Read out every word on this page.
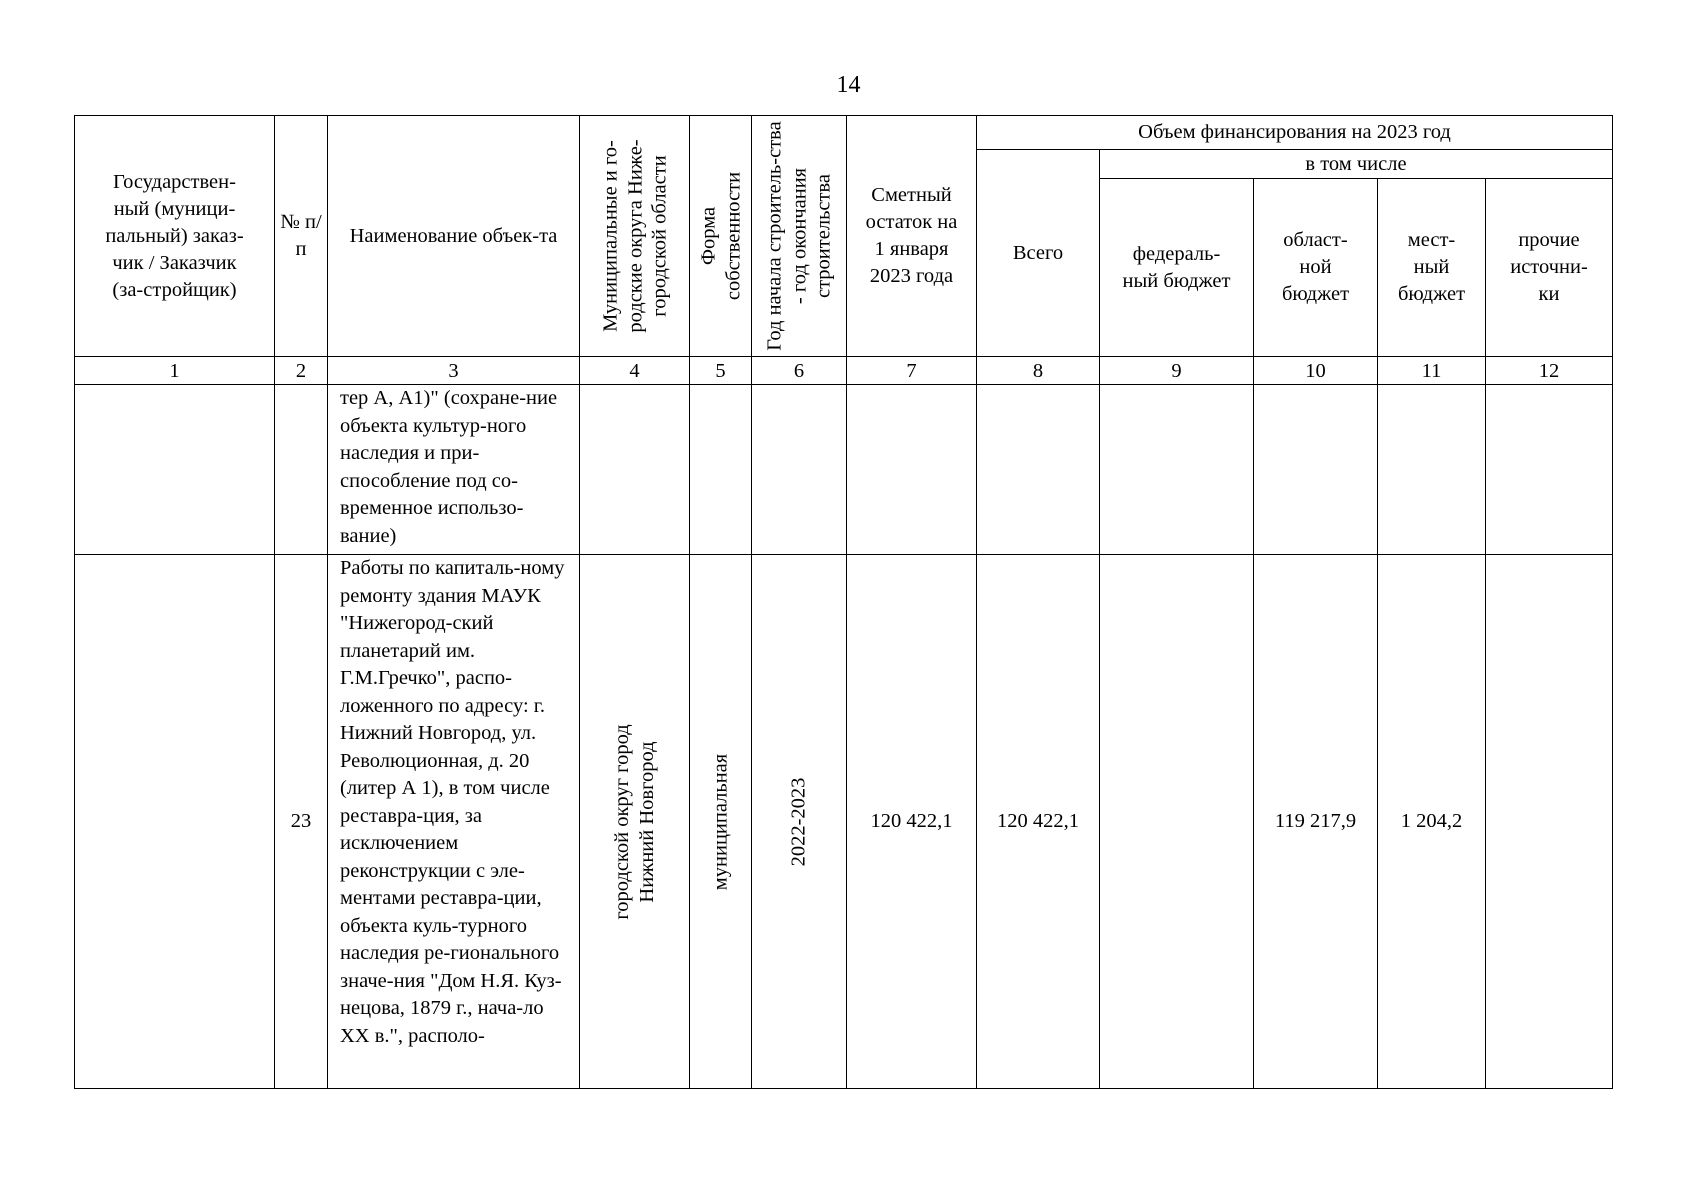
14
Государствен-ный (муници-пальный) заказ-чик / Заказчик (за-стройщик)	№ п/п	Наименование объек-та	Муниципальные и го-родские округа Ниже-городской области	Форма собственности	Год начала строитель-ства - год окончания строительства	Сметный остаток на 1 января 2023 года	Объем финансирования на 2023 год				
							Всего	в том числе			

								федераль-ный бюджет	област-ной бюджет	мест-ный бюджет	прочие источни-ки

1	2	3	4	5	6	7	8	9	10	11	12
		тер А, А1)" (сохране-ние объекта культур-ного наследия и при-способление под со-временное использо-вание)									
	23	Работы по капиталь-ному ремонту здания МАУК "Нижегород-ский планетарий им. Г.М.Гречко", распо-ложенного по адресу: г. Нижний Новгород, ул. Революционная, д. 20 (литер А 1), в том числе реставра-ция, за исключением реконструкции с эле-ментами реставра-ции, объекта куль-турного наследия ре-гионального значе-ния "Дом Н.Я. Куз-нецова, 1879 г., нача-ло XX в.", располо-	городской округ город Нижний Новгород	муниципальная	2022-2023	120 422,1	120 422,1		119 217,9	1 204,2	
